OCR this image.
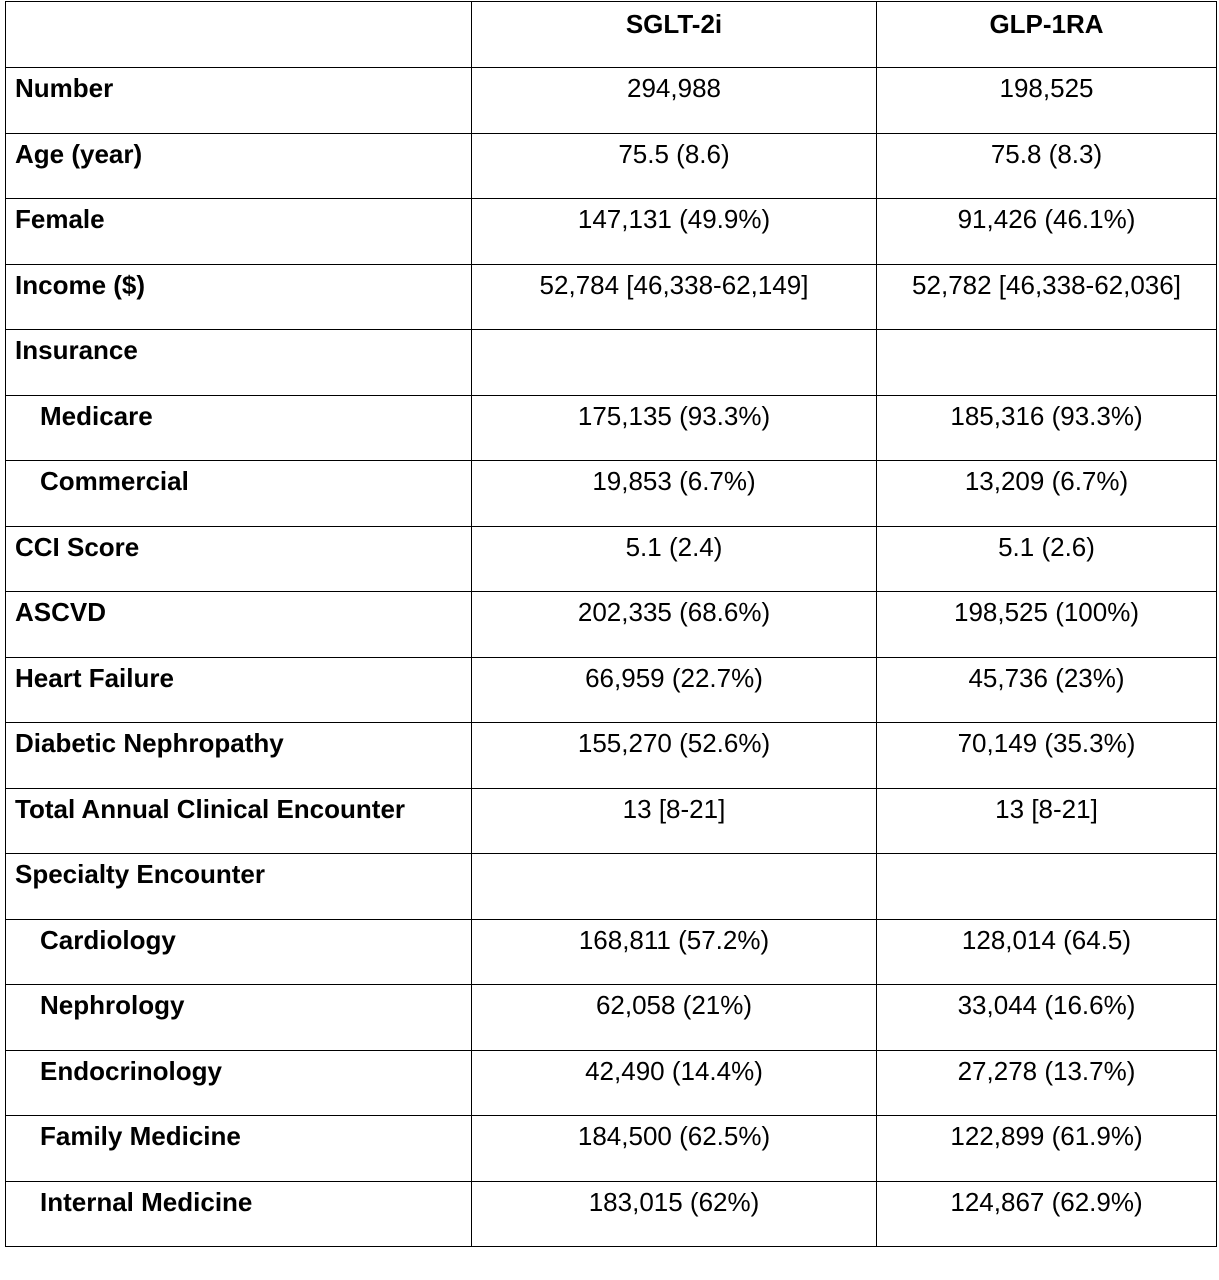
	SGLT-2i	GLP-1RA
Number	294,988	198,525
Age (year)	75.5 (8.6)	75.8 (8.3)
Female	147,131 (49.9%)	91,426 (46.1%)
Income ($)	52,784 [46,338-62,149]	52,782 [46,338-62,036]
Insurance		
Medicare	175,135 (93.3%)	185,316 (93.3%)
Commercial	19,853 (6.7%)	13,209 (6.7%)
CCI Score	5.1 (2.4)	5.1 (2.6)
ASCVD	202,335 (68.6%)	198,525 (100%)
Heart Failure	66,959 (22.7%)	45,736 (23%)
Diabetic Nephropathy	155,270 (52.6%)	70,149 (35.3%)
Total Annual Clinical Encounter	13 [8-21]	13 [8-21]
Specialty Encounter		
Cardiology	168,811 (57.2%)	128,014 (64.5)
Nephrology	62,058 (21%)	33,044 (16.6%)
Endocrinology	42,490 (14.4%)	27,278 (13.7%)
Family Medicine	184,500 (62.5%)	122,899 (61.9%)
Internal Medicine	183,015 (62%)	124,867 (62.9%)
